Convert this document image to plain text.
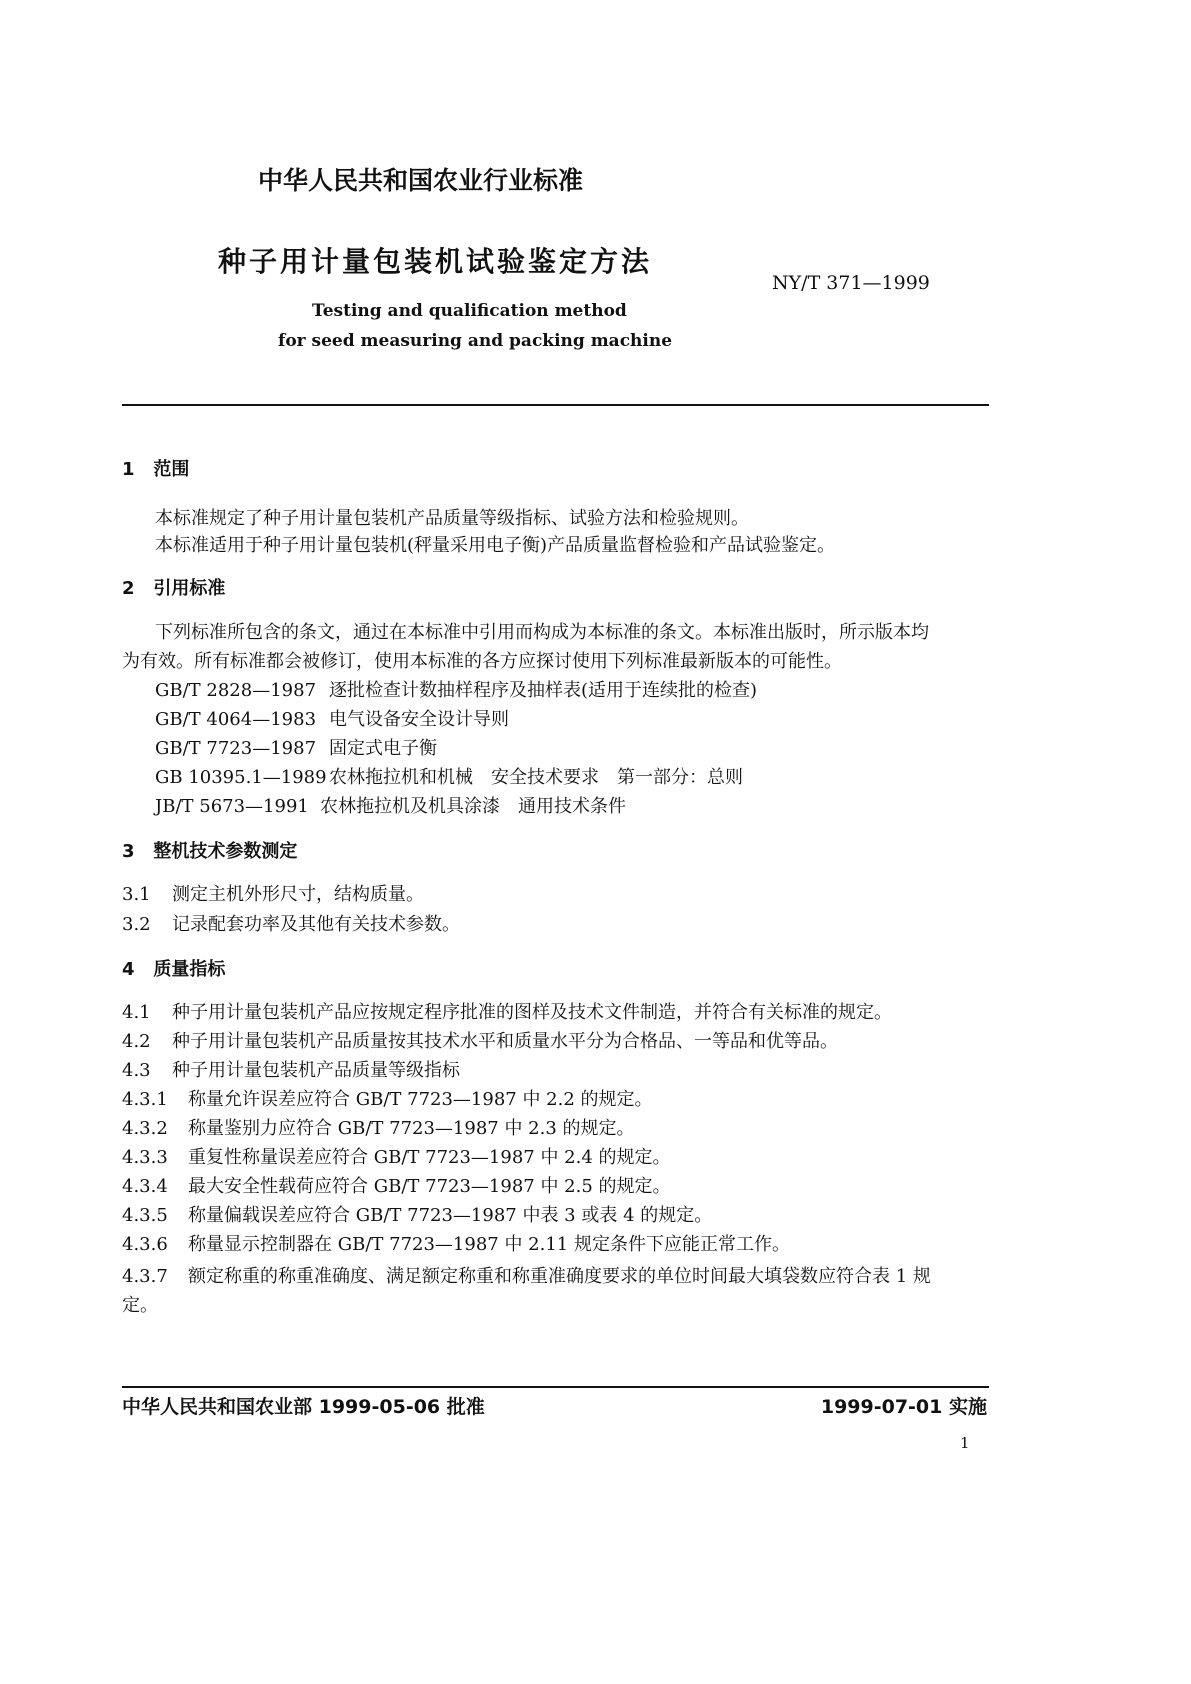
中华人民共和国农业行业标准
种子用计量包装机试验鉴定方法
NY/T 371—1999
Testing and qualification method
for seed measuring and packing machine
1 范围
本标准规定了种子用计量包装机产品质量等级指标、试验方法和检验规则。
本标准适用于种子用计量包装机(秤量采用电子衡)产品质量监督检验和产品试验鉴定。
2 引用标准
下列标准所包含的条文，通过在本标准中引用而构成为本标准的条文。本标准出版时，所示版本均
为有效。所有标准都会被修订，使用本标准的各方应探讨使用下列标准最新版本的可能性。
GB/T 2828—1987 逐批检查计数抽样程序及抽样表(适用于连续批的检查)
GB/T 4064—1983 电气设备安全设计导则
GB/T 7723—1987 固定式电子衡
GB 10395.1—1989 农林拖拉机和机械　安全技术要求　第一部分：总则
JB/T 5673—1991 农林拖拉机及机具涂漆　通用技术条件
3 整机技术参数测定
3.1 测定主机外形尺寸，结构质量。
3.2 记录配套功率及其他有关技术参数。
4 质量指标
4.1 种子用计量包装机产品应按规定程序批准的图样及技术文件制造，并符合有关标准的规定。
4.2 种子用计量包装机产品质量按其技术水平和质量水平分为合格品、一等品和优等品。
4.3 种子用计量包装机产品质量等级指标
4.3.1 称量允许误差应符合 GB/T 7723—1987 中 2.2 的规定。
4.3.2 称量鉴别力应符合 GB/T 7723—1987 中 2.3 的规定。
4.3.3 重复性称量误差应符合 GB/T 7723—1987 中 2.4 的规定。
4.3.4 最大安全性载荷应符合 GB/T 7723—1987 中 2.5 的规定。
4.3.5 称量偏载误差应符合 GB/T 7723—1987 中表 3 或表 4 的规定。
4.3.6 称量显示控制器在 GB/T 7723—1987 中 2.11 规定条件下应能正常工作。
4.3.7 额定称重的称重准确度、满足额定称重和称重准确度要求的单位时间最大填袋数应符合表 1 规
定。
中华人民共和国农业部 1999-05-06 批准	1999-07-01 实施
1
